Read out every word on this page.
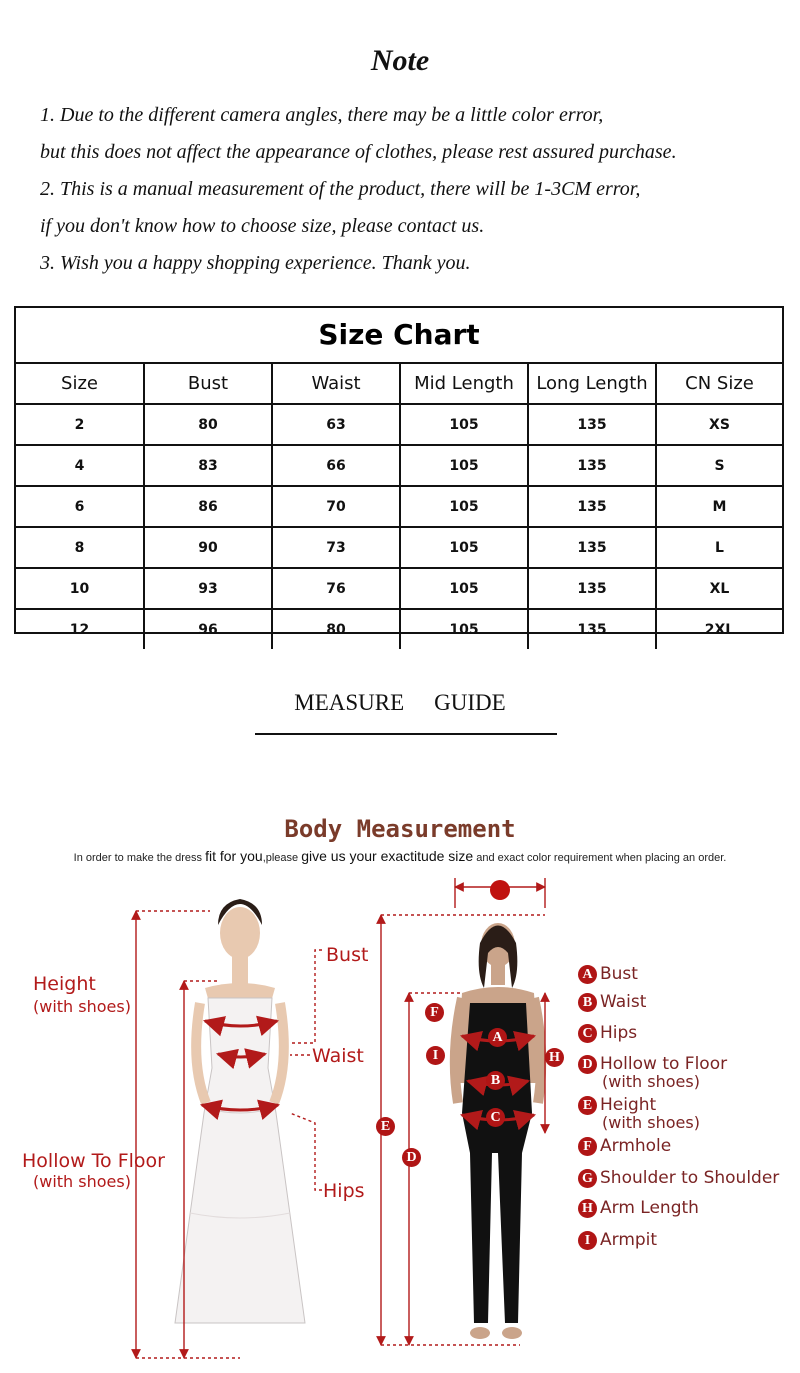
Note
1. Due to the different camera angles, there may be a little color error,
but this does not affect the appearance of clothes, please rest assured purchase.
2. This is a manual measurement of the product, there will be 1-3CM error,
if you don't know how to choose size, please contact us.
3. Wish you a happy shopping experience. Thank you.
Size Chart
Size	Bust	Waist	Mid Length	Long Length	CN Size
2	80	63	105	135	XS
4	83	66	105	135	S
6	86	70	105	135	M
8	90	73	105	135	L
10	93	76	105	135	XL
12	96	80	105	135	2XL
MEASURE GUIDE
Body Measurement
In order to make the dress fit for you,please give us your exactitude size and exact color requirement when placing an order.
Height
(with shoes)
Hollow To Floor
(with shoes)
Bust
Waist
Hips
F
A
I	H
B
C
E
D
A Bust
B Waist
C Hips
D Hollow to Floor
(with shoes)
E Height
(with shoes)
F Armhole
G Shoulder to Shoulder
H Arm Length
I Armpit
